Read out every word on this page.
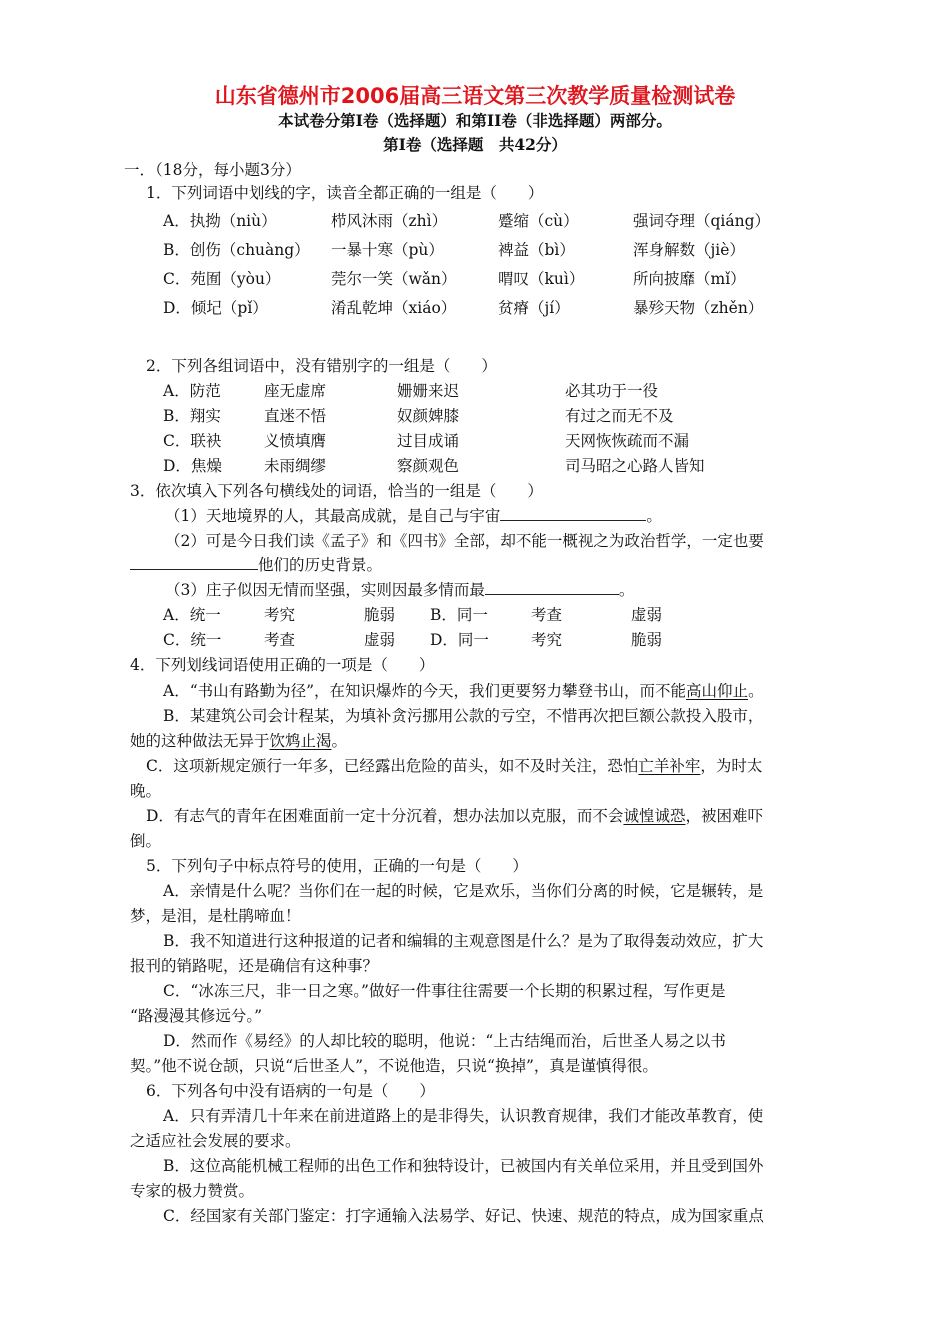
山东省德州市2006届高三语文第三次教学质量检测试卷
本试卷分第Ⅰ卷（选择题）和第II卷（非选择题）两部分。
第Ⅰ卷（选择题　共42分）
一．（18分，每小题3分）
1．下列词语中划线的字，读音全都正确的一组是（　　）
A．执拗（niù）	栉风沐雨（zhì）	蹙缩（cù）	强词夺理（qiáng）
B．创伤（chuàng） 一暴十寒（pù）	裨益（bì）	浑身解数（jiè）
C．苑囿（yòu）	莞尔一笑（wǎn）	喟叹（kuì）	所向披靡（mǐ）
D．倾圮（pǐ）	淆乱乾坤（xiáo）	贫瘠（jí）	暴殄天物（zhěn）
2．下列各组词语中，没有错别字的一组是（　　）
A．防范	座无虚席	姗姗来迟	必其功于一役
B．翔实	直迷不悟	奴颜婢膝	有过之而无不及
C．联袂	义愤填膺	过目成诵	天网恢恢疏而不漏
D．焦燥	未雨绸缪	察颜观色	司马昭之心路人皆知
3．依次填入下列各句横线处的词语，恰当的一组是（　　）
（1）天地境界的人，其最高成就，是自己与宇宙	。
（2）可是今日我们读《孟子》和《四书》全部，却不能一概视之为政治哲学，一定也要
他们的历史背景。
（3）庄子似因无情而坚强，实则因最多情而最	。
A．统一	考究	脆弱 B．同一	考查	虚弱
C．统一	考查	虚弱 D．同一	考究	脆弱
4．下列划线词语使用正确的一项是（　　）
A．“书山有路勤为径”，在知识爆炸的今天，我们更要努力攀登书山，而不能高山仰止。
B．某建筑公司会计程某，为填补贪污挪用公款的亏空，不惜再次把巨额公款投入股市，
她的这种做法无异于饮鸩止渴。
C．这项新规定颁行一年多，已经露出危险的苗头，如不及时关注，恐怕亡羊补牢，为时太
晚。
D．有志气的青年在困难面前一定十分沉着，想办法加以克服，而不会诚惶诚恐，被困难吓
倒。
5．下列句子中标点符号的使用，正确的一句是（　　）
A．亲情是什么呢？当你们在一起的时候，它是欢乐，当你们分离的时候，它是辗转，是
梦，是泪，是杜鹃啼血！
B．我不知道进行这种报道的记者和编辑的主观意图是什么？是为了取得轰动效应，扩大
报刊的销路呢，还是确信有这种事？
C．“冰冻三尺，非一日之寒。”做好一件事往往需要一个长期的积累过程，写作更是
“路漫漫其修远兮。”
D．然而作《易经》的人却比较的聪明，他说：“上古结绳而治，后世圣人易之以书
契。”他不说仓颉，只说“后世圣人”，不说他造，只说“换掉”，真是谨慎得很。
6．下列各句中没有语病的一句是（　　）
A．只有弄清几十年来在前进道路上的是非得失，认识教育规律，我们才能改革教育，使
之适应社会发展的要求。
B．这位高能机械工程师的出色工作和独特设计，已被国内有关单位采用，并且受到国外
专家的极力赞赏。
C．经国家有关部门鉴定：打字通输入法易学、好记、快速、规范的特点，成为国家重点
